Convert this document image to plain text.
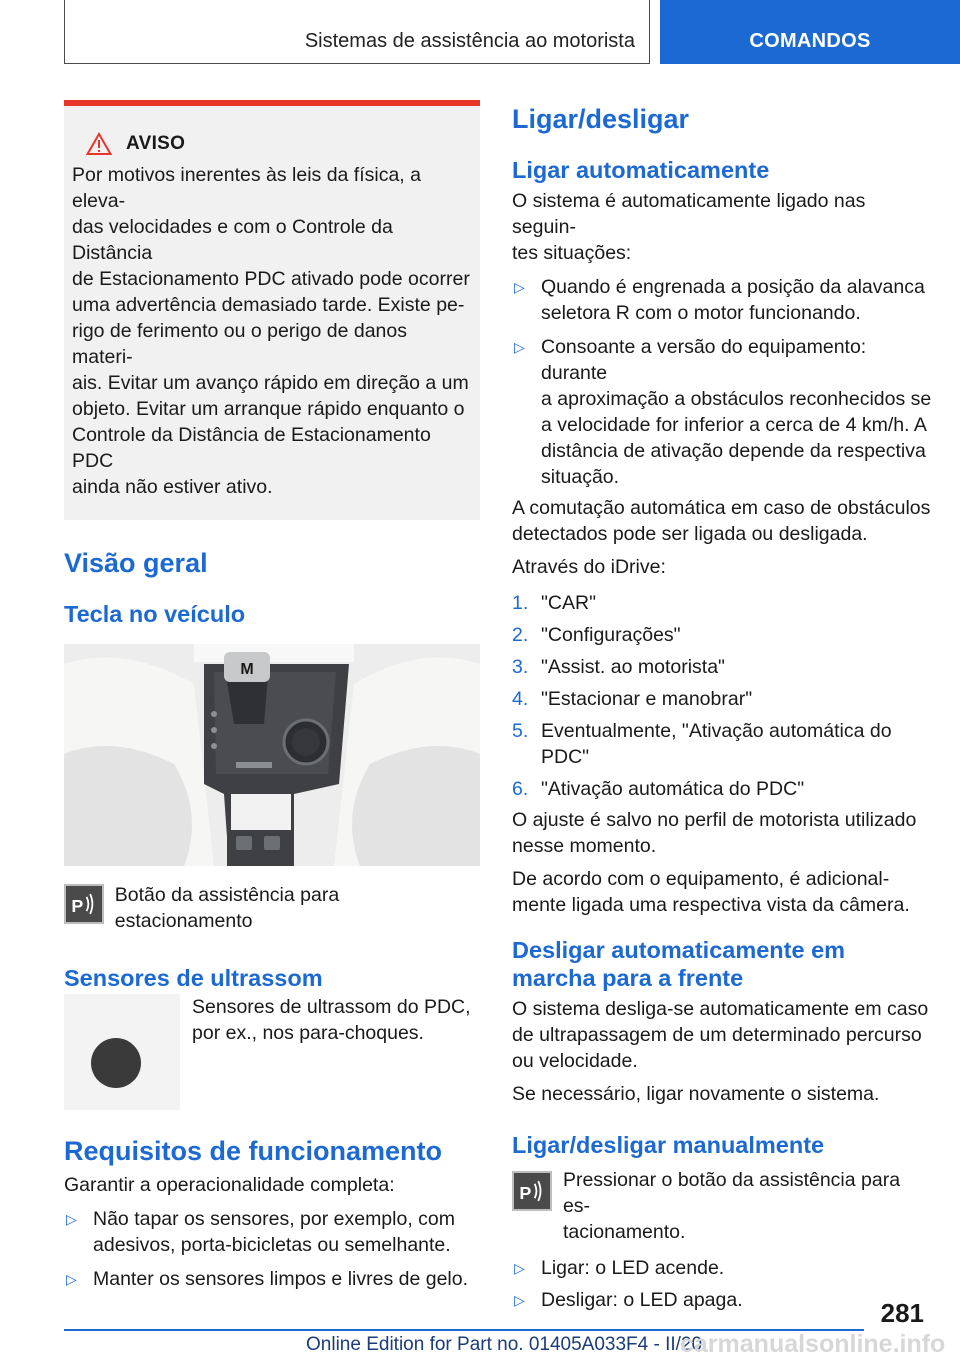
Sistemas de assistência ao motorista	COMANDOS
AVISO
Por motivos inerentes às leis da física, a eleva-
das velocidades e com o Controle da Distância
de Estacionamento PDC ativado pode ocorrer
uma advertência demasiado tarde. Existe pe-
rigo de ferimento ou o perigo de danos materi-
ais. Evitar um avanço rápido em direção a um
objeto. Evitar um arranque rápido enquanto o
Controle da Distância de Estacionamento PDC
ainda não estiver ativo.
Visão geral
Tecla no veículo
M
P
Botão da assistência para estacionamento
Sensores de ultrassom
Sensores de ultrassom do PDC,
por ex., nos para-choques.
Requisitos de funcionamento
Garantir a operacionalidade completa:
▷ Não tapar os sensores, por exemplo, com
adesivos, porta-bicicletas ou semelhante.
▷ Manter os sensores limpos e livres de gelo.
Ligar/desligar
Ligar automaticamente
O sistema é automaticamente ligado nas seguin-
tes situações:
▷ Quando é engrenada a posição da alavanca
seletora R com o motor funcionando.
▷ Consoante a versão do equipamento: durante
a aproximação a obstáculos reconhecidos se
a velocidade for inferior a cerca de 4 km/h. A
distância de ativação depende da respectiva
situação.
A comutação automática em caso de obstáculos
detectados pode ser ligada ou desligada.
Através do iDrive:
1. "CAR"
2. "Configurações"
3. "Assist. ao motorista"
4. "Estacionar e manobrar"
5. Eventualmente, "Ativação automática do
PDC"
6. "Ativação automática do PDC"
O ajuste é salvo no perfil de motorista utilizado
nesse momento.
De acordo com o equipamento, é adicional-
mente ligada uma respectiva vista da câmera.
Desligar automaticamente em
marcha para a frente
O sistema desliga-se automaticamente em caso
de ultrapassagem de um determinado percurso
ou velocidade.
Se necessário, ligar novamente o sistema.
Ligar/desligar manualmente
P
Pressionar o botão da assistência para es-
tacionamento.
▷ Ligar: o LED acende.
▷ Desligar: o LED apaga.	281
Online Edition for Part no. 01405A033F4 - II/20
carmanualsonline.info
